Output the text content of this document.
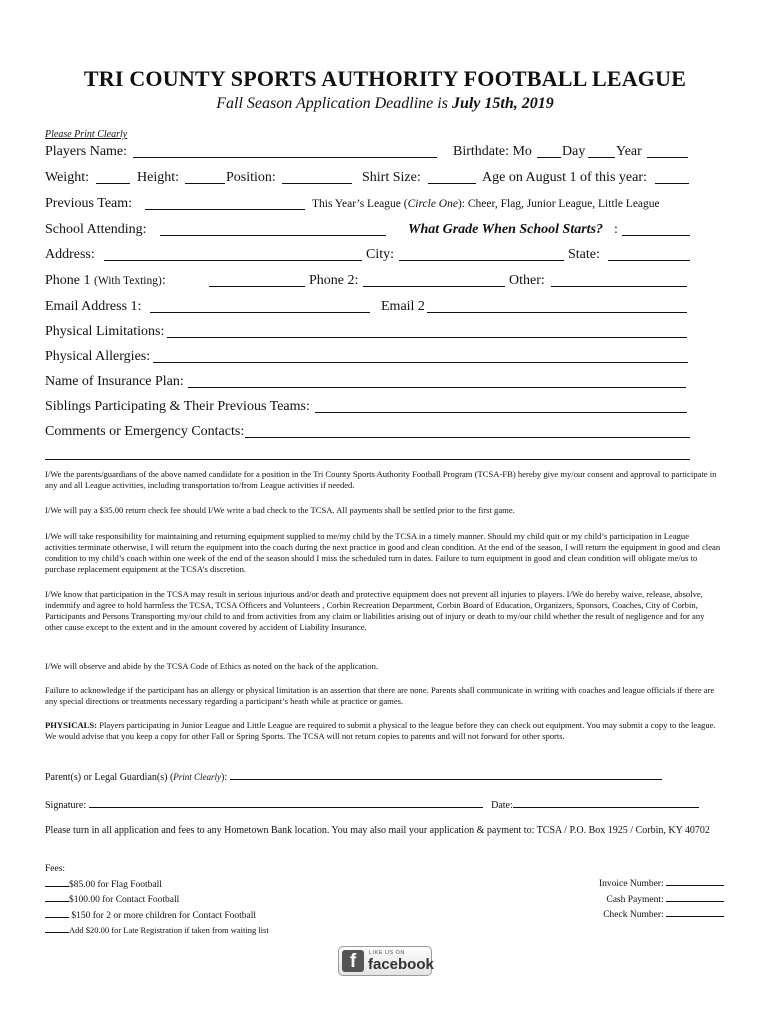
TRI COUNTY SPORTS AUTHORITY FOOTBALL LEAGUE
Fall Season Application Deadline is July 15th, 2019
Please Print Clearly
Players Name:	Birthdate: Mo Day Year
Weight:	Height:	Position:	Shirt Size:	Age on August 1 of this year:
Previous Team:	This Year’s League (Circle One): Cheer, Flag, Junior League, Little League
School Attending:	What Grade When School Starts? :
Address:	City:	State:
Phone 1 (With Texting):	Phone 2:	Other:
Email Address 1:	Email 2
Physical Limitations:
Physical Allergies:
Name of Insurance Plan:
Siblings Participating & Their Previous Teams:
Comments or Emergency Contacts:
I/We the parents/guardians of the above named candidate for a position in the Tri County Sports Authority Football Program (TCSA-FB) hereby give my/our consent and approval to participate in any and all League activities, including transportation to/from League activities if needed.
I/We will pay a $35.00 return check fee should I/We write a bad check to the TCSA. All payments shall be settled prior to the first game.
I/We will take responsibility for maintaining and returning equipment supplied to me/my child by the TCSA in a timely manner. Should my child quit or my child’s participation in League activities terminate otherwise, I will return the equipment into the coach during the next practice in good and clean condition. At the end of the season, I will return the equipment in good and clean condition to my child’s coach within one week of the end of the season should I miss the scheduled turn in dates. Failure to turn equipment in good and clean condition will obligate me/us to purchase replacement equipment at the TCSA’s discretion.
I/We know that participation in the TCSA may result in serious injurious and/or death and protective equipment does not prevent all injuries to players. I/We do hereby waive, release, absolve, indemnify and agree to hold harmless the TCSA, TCSA Officers and Volunteers , Corbin Recreation Department, Corbin Board of Education, Organizers, Sponsors, Coaches, City of Corbin, Participants and Persons Transporting my/our child to and from activities from any claim or liabilities arising out of injury or death to my/our child whether the result of negligence and for any other cause except to the extent and in the amount covered by accident of Liability Insurance.
I/We will observe and abide by the TCSA Code of Ethics as noted on the back of the application.
Failure to acknowledge if the participant has an allergy or physical limitation is an assertion that there are none. Parents shall communicate in writing with coaches and league officials if there are any special directions or treatments necessary regarding a participant’s heath while at practice or games.
PHYSICALS: Players participating in Junior League and Little League are required to submit a physical to the league before they can check out equipment. You may submit a copy to the league. We would advise that you keep a copy for other Fall or Spring Sports. The TCSA will not return copies to parents and will not forward for other sports.
Parent(s) or Legal Guardian(s) (Print Clearly):
Signature:	Date:
Please turn in all application and fees to any Hometown Bank location. You may also mail your application & payment to: TCSA / P.O. Box 1925 / Corbin, KY 40702
Fees:
$85.00 for Flag Football
$100.00 for Contact Football
$150 for 2 or more children for Contact Football
Add $20.00 for Late Registration if taken from waiting list
Invoice Number:
Cash Payment:
Check Number:
f	LIKE US ON
facebook
